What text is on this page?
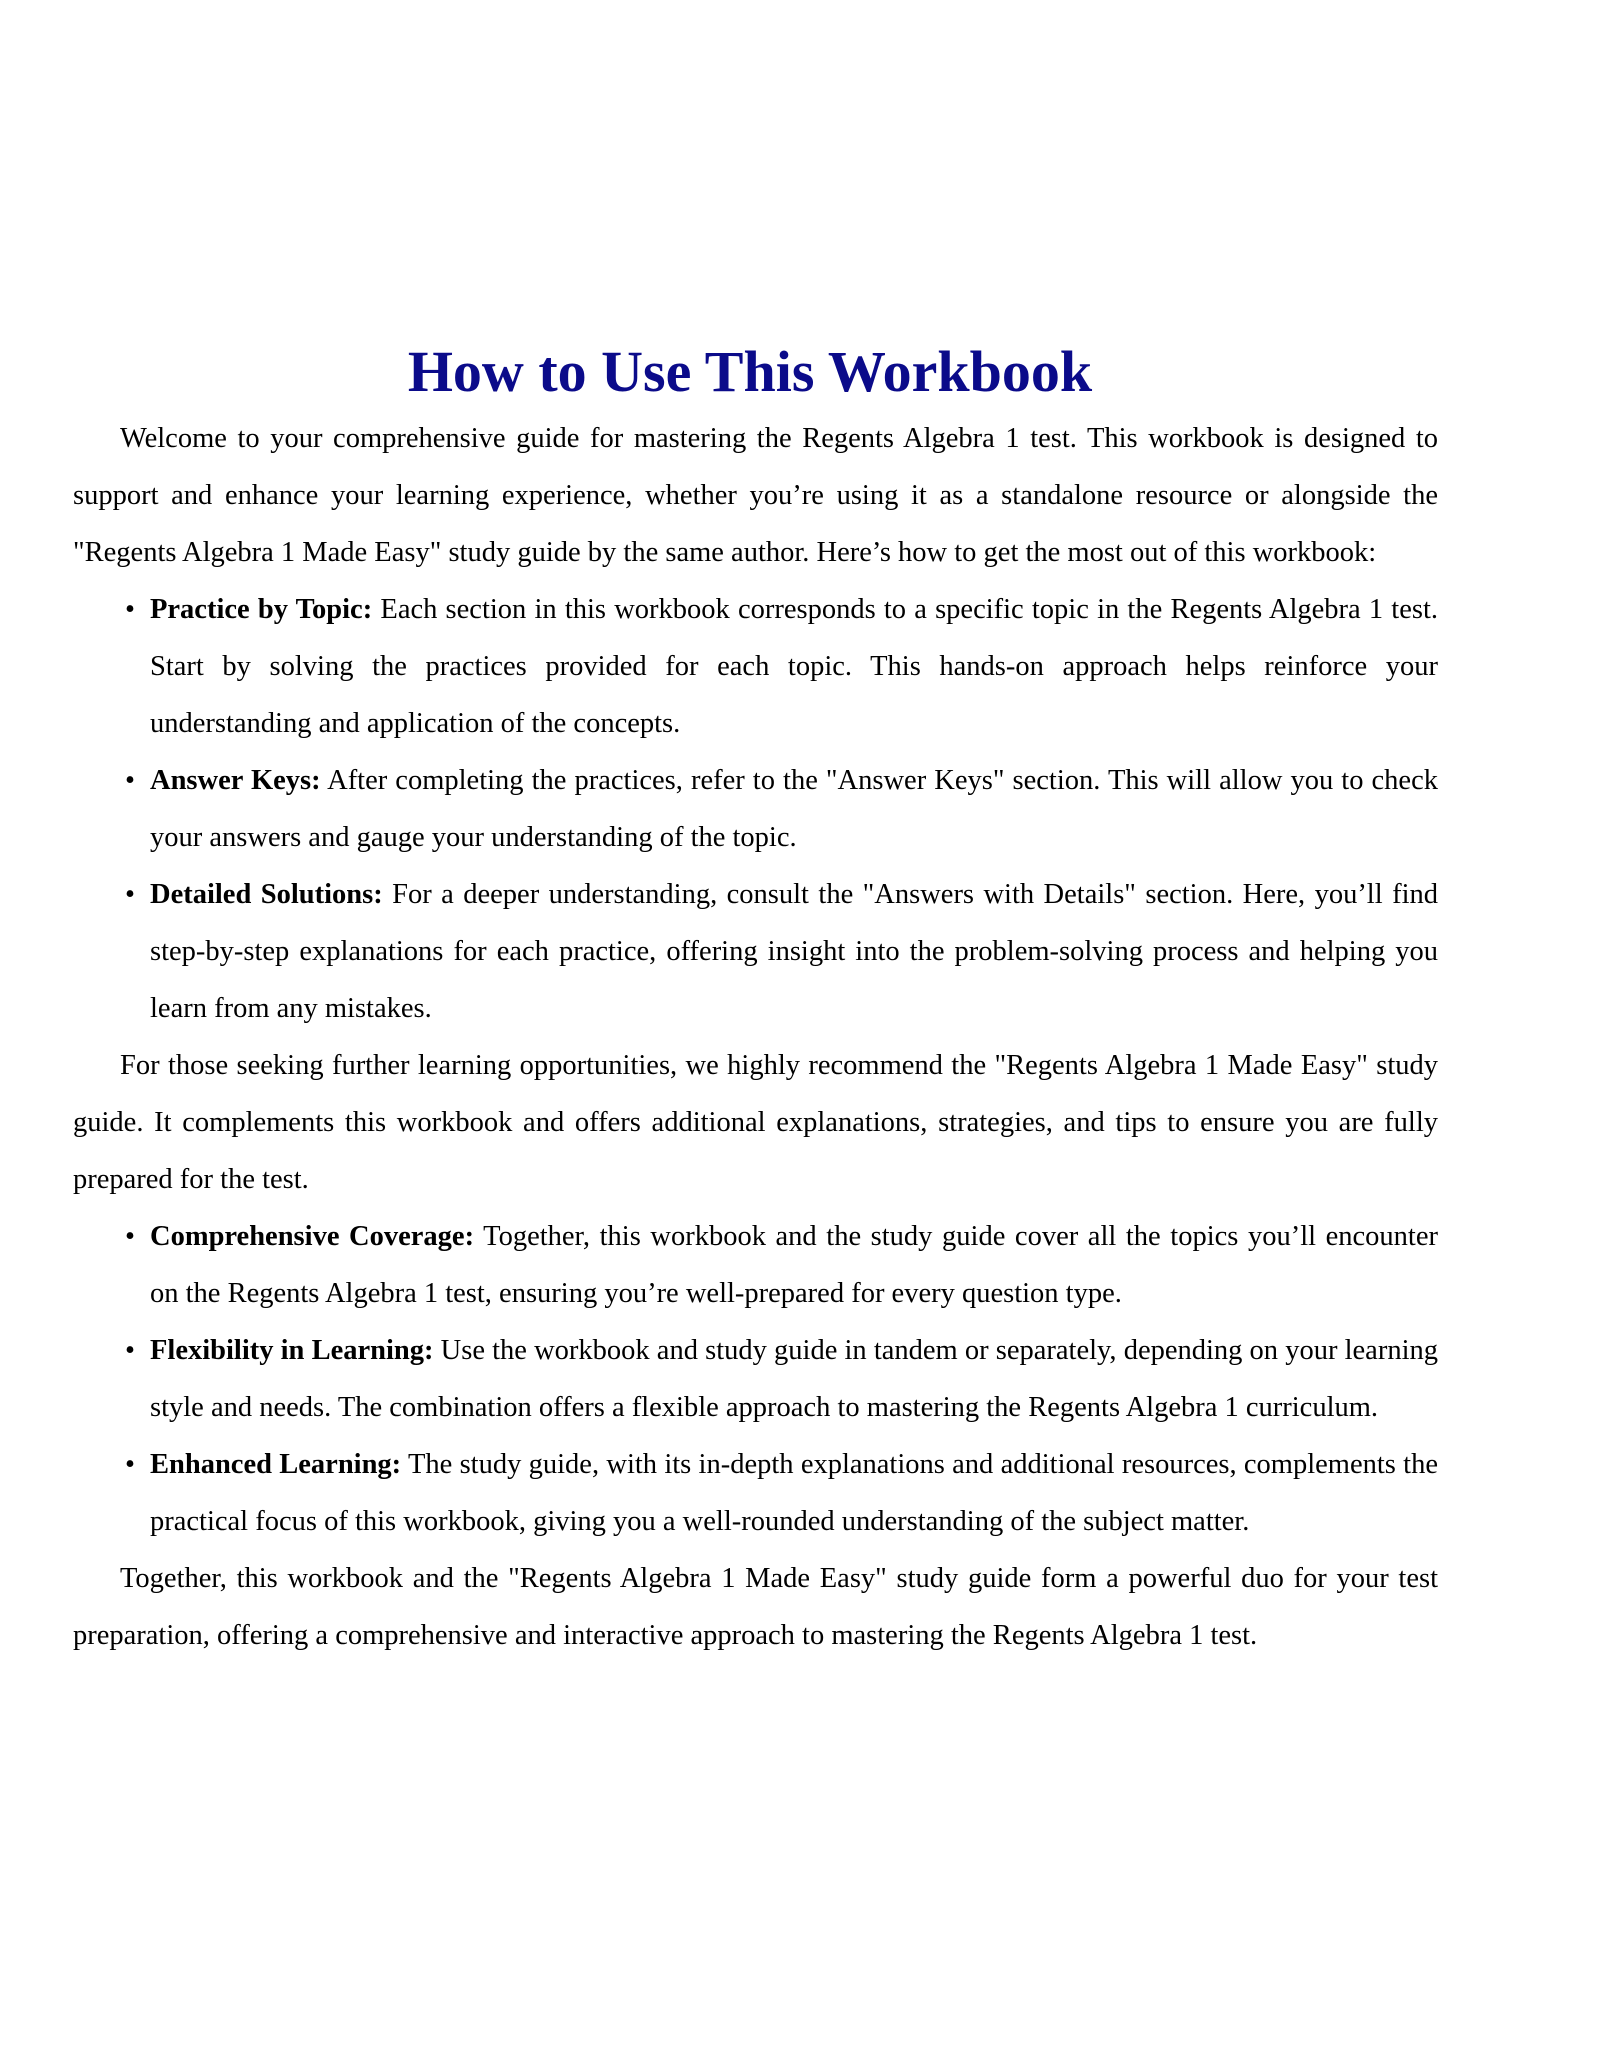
How to Use This Workbook

Welcome to your comprehensive guide for mastering the Regents Algebra 1 test. This workbook is designed to support and enhance your learning experience, whether you’re using it as a standalone resource or alongside the "Regents Algebra 1 Made Easy" study guide by the same author. Here’s how to get the most out of this workbook:

• Practice by Topic: Each section in this workbook corresponds to a specific topic in the Regents Algebra 1 test. Start by solving the practices provided for each topic. This hands-on approach helps reinforce your understanding and application of the concepts.
• Answer Keys: After completing the practices, refer to the "Answer Keys" section. This will allow you to check your answers and gauge your understanding of the topic.
• Detailed Solutions: For a deeper understanding, consult the "Answers with Details" section. Here, you’ll find step-by-step explanations for each practice, offering insight into the problem-solving process and helping you learn from any mistakes.

For those seeking further learning opportunities, we highly recommend the "Regents Algebra 1 Made Easy" study guide. It complements this workbook and offers additional explanations, strategies, and tips to ensure you are fully prepared for the test.

• Comprehensive Coverage: Together, this workbook and the study guide cover all the topics you’ll encounter on the Regents Algebra 1 test, ensuring you’re well-prepared for every question type.
• Flexibility in Learning: Use the workbook and study guide in tandem or separately, depending on your learning style and needs. The combination offers a flexible approach to mastering the Regents Algebra 1 curriculum.
• Enhanced Learning: The study guide, with its in-depth explanations and additional resources, complements the practical focus of this workbook, giving you a well-rounded understanding of the subject matter.

Together, this workbook and the "Regents Algebra 1 Made Easy" study guide form a powerful duo for your test preparation, offering a comprehensive and interactive approach to mastering the Regents Algebra 1 test.
